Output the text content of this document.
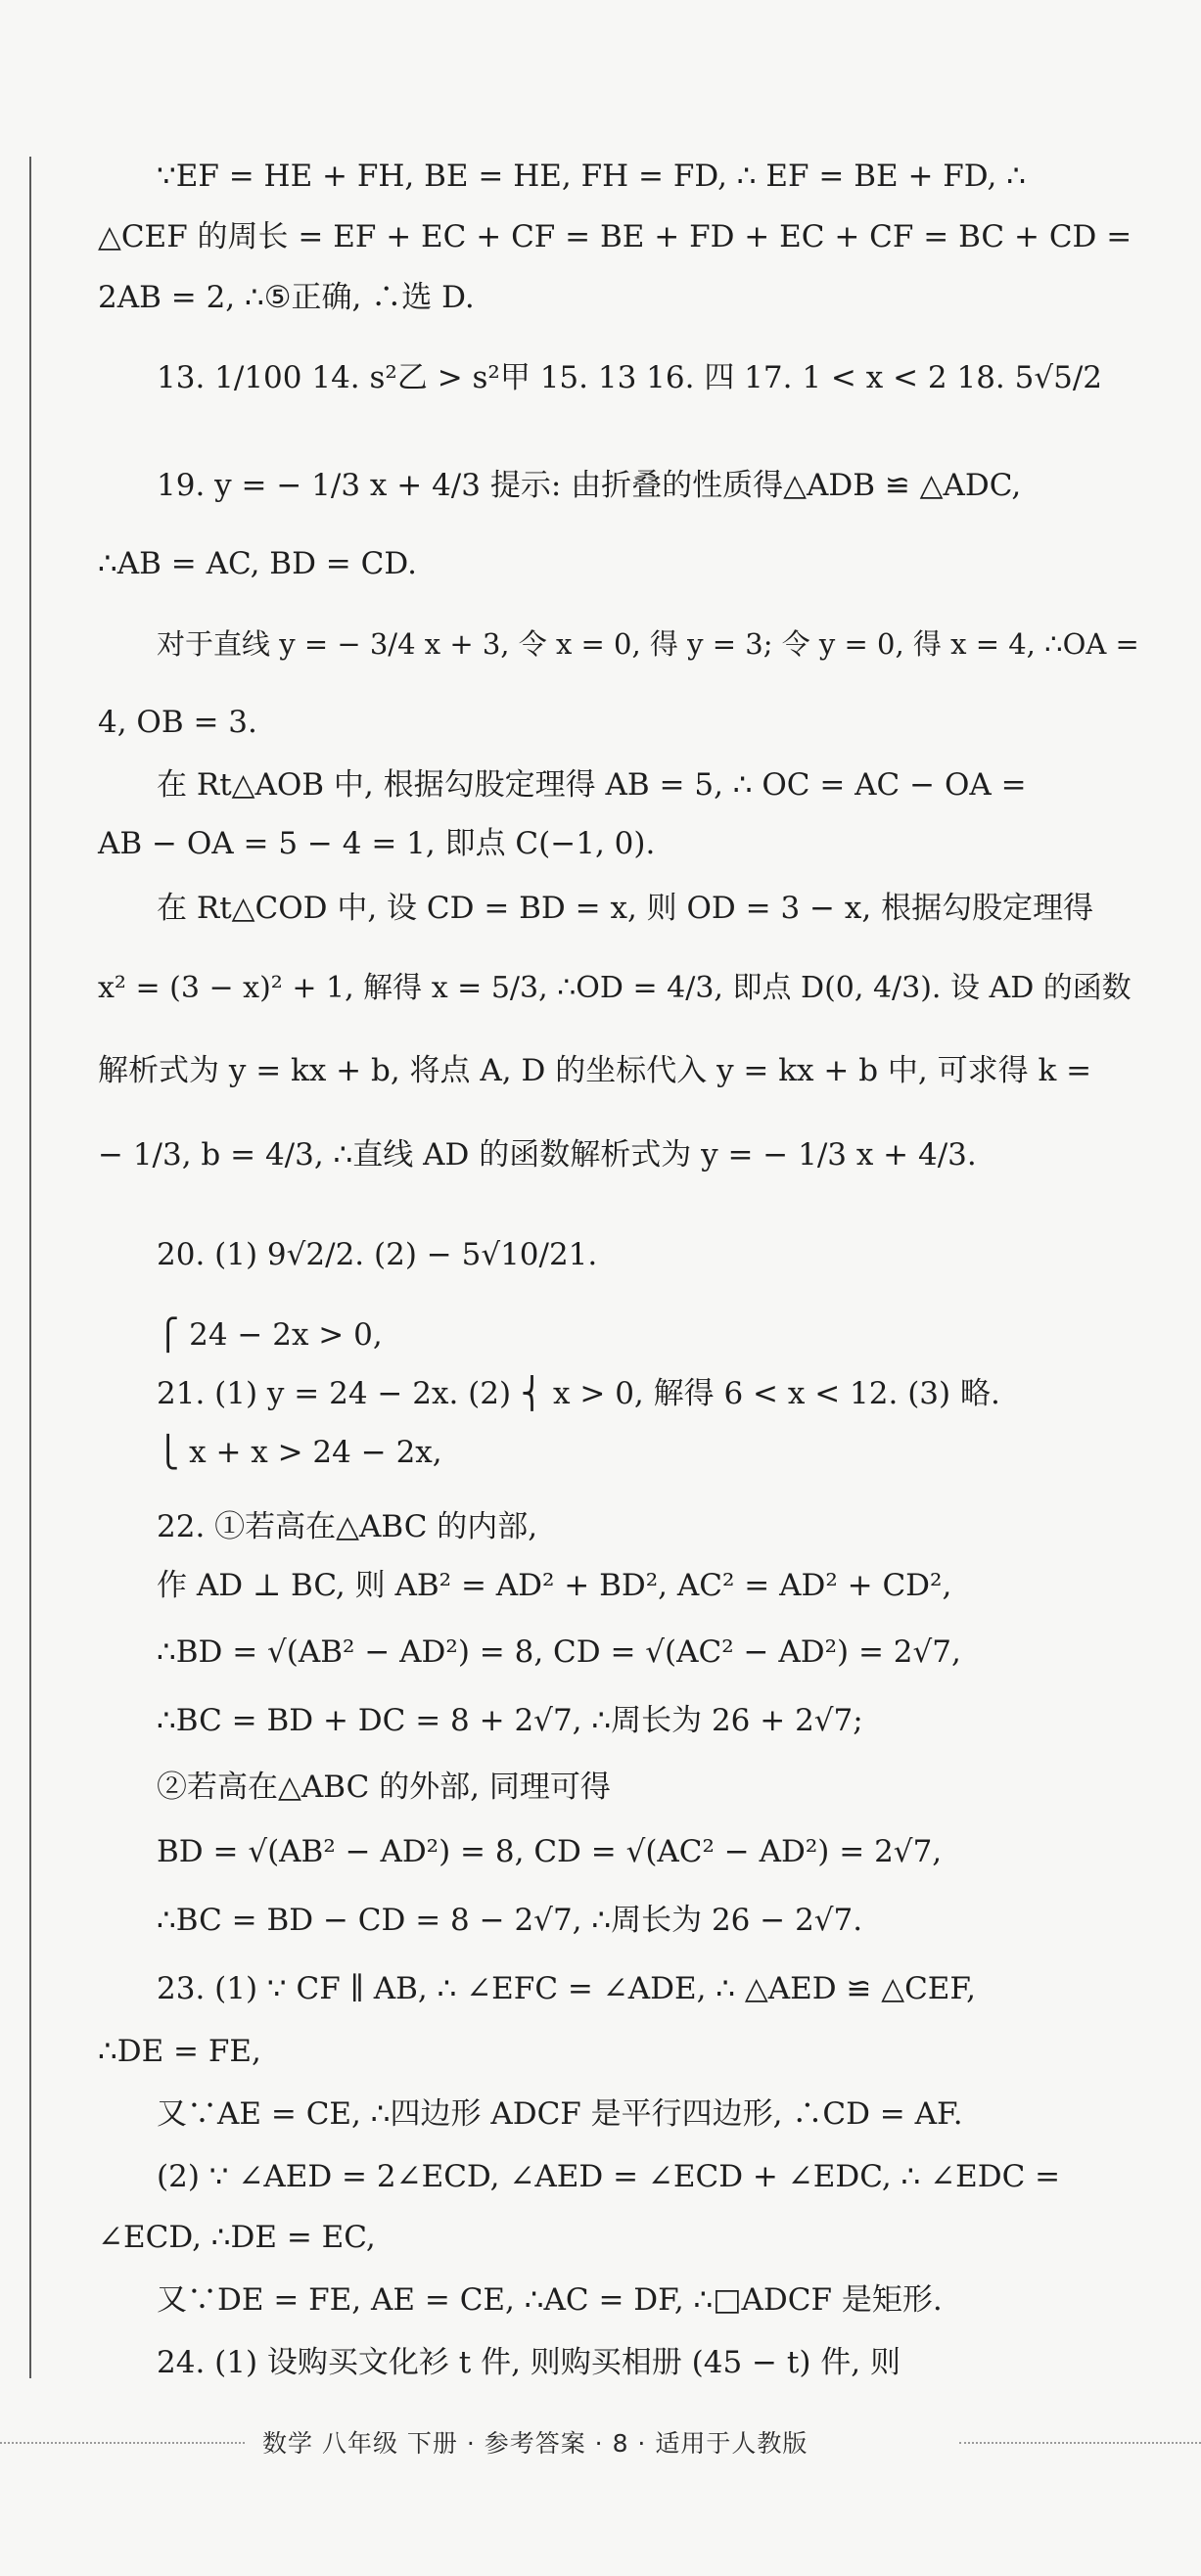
∵EF = HE + FH, BE = HE, FH = FD, ∴ EF = BE + FD, ∴
△CEF 的周长 = EF + EC + CF = BE + FD + EC + CF = BC + CD =
2AB = 2, ∴⑤正确, ∴选 D.
13. 1/100 14. s²乙 > s²甲 15. 13 16. 四 17. 1 < x < 2 18. 5√5/2
19. y = − 1/3 x + 4/3 提示: 由折叠的性质得△ADB ≌ △ADC,
∴AB = AC, BD = CD.
对于直线 y = − 3/4 x + 3, 令 x = 0, 得 y = 3; 令 y = 0, 得 x = 4, ∴OA =
4, OB = 3.
在 Rt△AOB 中, 根据勾股定理得 AB = 5, ∴ OC = AC − OA =
AB − OA = 5 − 4 = 1, 即点 C(−1, 0).
在 Rt△COD 中, 设 CD = BD = x, 则 OD = 3 − x, 根据勾股定理得
x² = (3 − x)² + 1, 解得 x = 5/3, ∴OD = 4/3, 即点 D(0, 4/3). 设 AD 的函数
解析式为 y = kx + b, 将点 A, D 的坐标代入 y = kx + b 中, 可求得 k =
− 1/3, b = 4/3, ∴直线 AD 的函数解析式为 y = − 1/3 x + 4/3.
20. (1) 9√2/2. (2) − 5√10/21.
⎧ 24 − 2x > 0,
21. (1) y = 24 − 2x. (2) ⎨ x > 0, 解得 6 < x < 12. (3) 略.
⎩ x + x > 24 − 2x,
22. ①若高在△ABC 的内部,
作 AD ⊥ BC, 则 AB² = AD² + BD², AC² = AD² + CD²,
∴BD = √(AB² − AD²) = 8, CD = √(AC² − AD²) = 2√7,
∴BC = BD + DC = 8 + 2√7, ∴周长为 26 + 2√7;
②若高在△ABC 的外部, 同理可得
BD = √(AB² − AD²) = 8, CD = √(AC² − AD²) = 2√7,
∴BC = BD − CD = 8 − 2√7, ∴周长为 26 − 2√7.
23. (1) ∵ CF ∥ AB, ∴ ∠EFC = ∠ADE, ∴ △AED ≌ △CEF,
∴DE = FE,
又∵AE = CE, ∴四边形 ADCF 是平行四边形, ∴CD = AF.
(2) ∵ ∠AED = 2∠ECD, ∠AED = ∠ECD + ∠EDC, ∴ ∠EDC =
∠ECD, ∴DE = EC,
又∵DE = FE, AE = CE, ∴AC = DF, ∴□ADCF 是矩形.
24. (1) 设购买文化衫 t 件, 则购买相册 (45 − t) 件, 则
数学 八年级 下册 · 参考答案 · 8 · 适用于人教版
